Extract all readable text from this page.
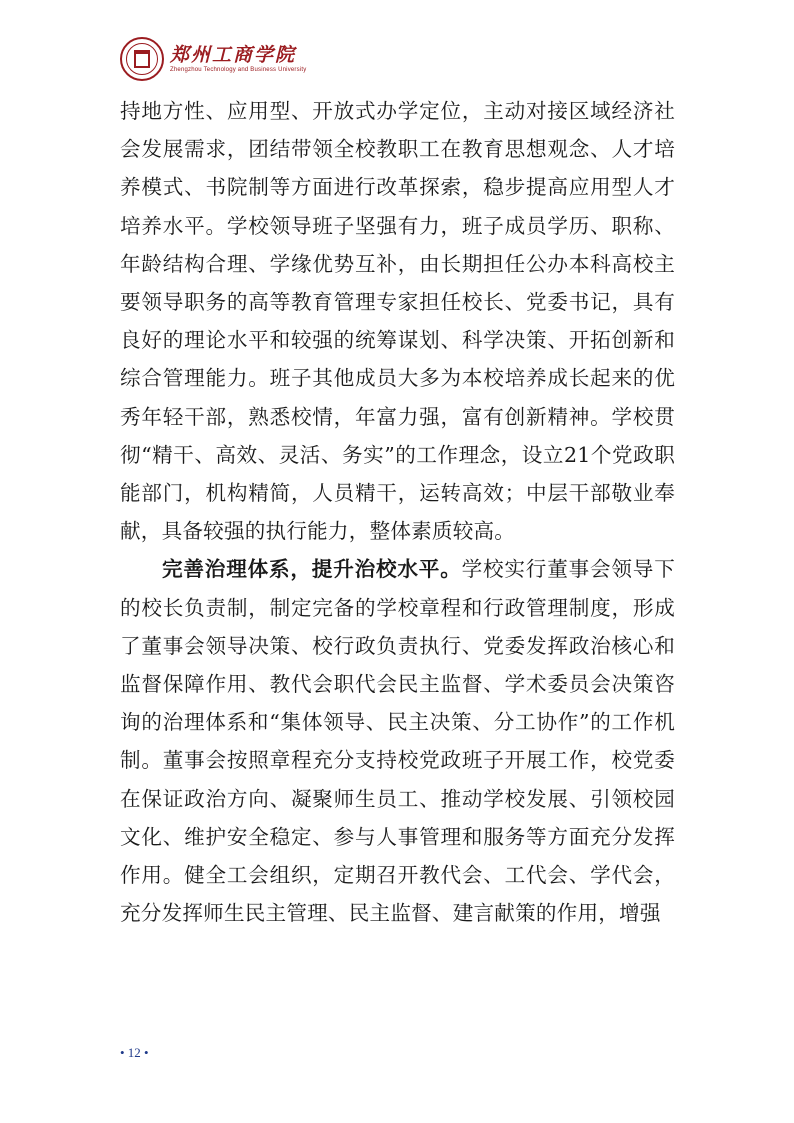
郑州工商学院
Zhengzhou Technology and Business University

持地方性、应用型、开放式办学定位，主动对接区域经济社会发展需求，团结带领全校教职工在教育思想观念、人才培养模式、书院制等方面进行改革探索，稳步提高应用型人才培养水平。学校领导班子坚强有力，班子成员学历、职称、年龄结构合理、学缘优势互补，由长期担任公办本科高校主要领导职务的高等教育管理专家担任校长、党委书记，具有良好的理论水平和较强的统筹谋划、科学决策、开拓创新和综合管理能力。班子其他成员大多为本校培养成长起来的优秀年轻干部，熟悉校情，年富力强，富有创新精神。学校贯彻“精干、高效、灵活、务实”的工作理念，设立21个党政职能部门，机构精简，人员精干，运转高效；中层干部敬业奉献，具备较强的执行能力，整体素质较高。

完善治理体系，提升治校水平。学校实行董事会领导下的校长负责制，制定完备的学校章程和行政管理制度，形成了董事会领导决策、校行政负责执行、党委发挥政治核心和监督保障作用、教代会职代会民主监督、学术委员会决策咨询的治理体系和“集体领导、民主决策、分工协作”的工作机制。董事会按照章程充分支持校党政班子开展工作，校党委在保证政治方向、凝聚师生员工、推动学校发展、引领校园文化、维护安全稳定、参与人事管理和服务等方面充分发挥作用。健全工会组织，定期召开教代会、工代会、学代会，充分发挥师生民主管理、民主监督、建言献策的作用，增强

• 12 •
